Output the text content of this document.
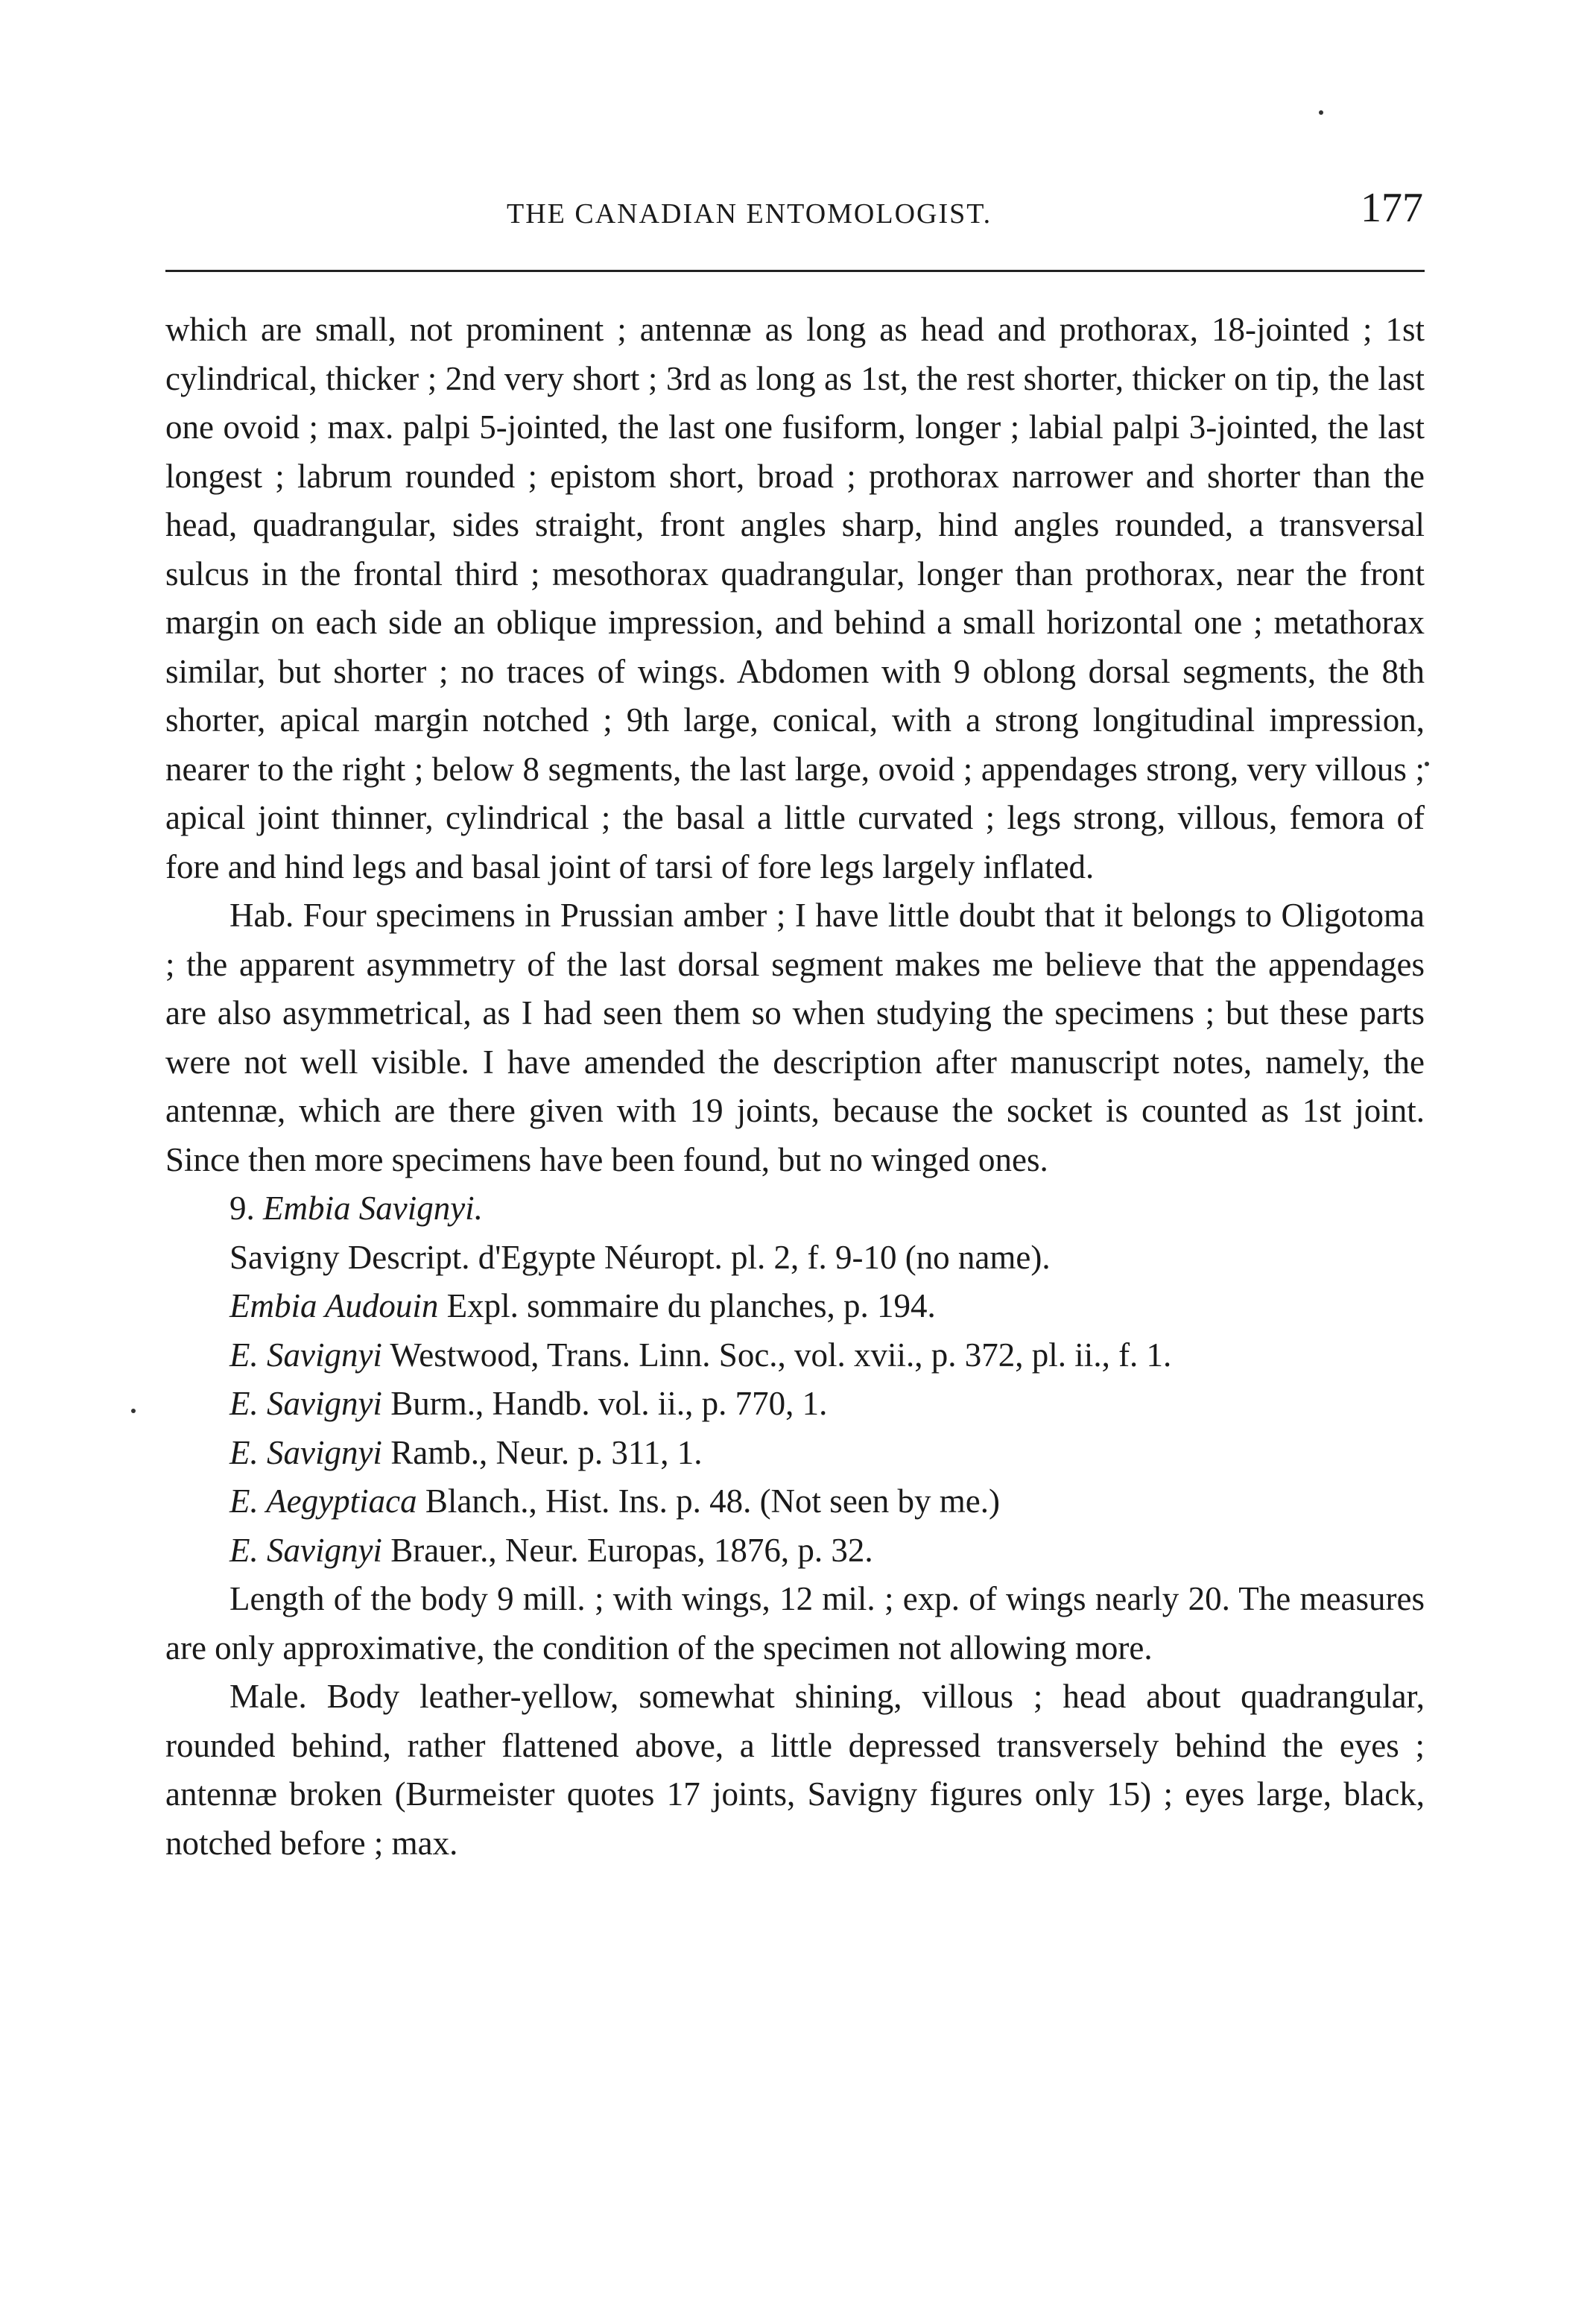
THE CANADIAN ENTOMOLOGIST.	177

which are small, not prominent ; antennæ as long as head and prothorax, 18-jointed ; 1st cylindrical, thicker ; 2nd very short ; 3rd as long as 1st, the rest shorter, thicker on tip, the last one ovoid ; max. palpi 5-jointed, the last one fusiform, longer ; labial palpi 3-jointed, the last longest ; labrum rounded ; epistom short, broad ; prothorax narrower and shorter than the head, quadrangular, sides straight, front angles sharp, hind angles rounded, a transversal sulcus in the frontal third ; mesothorax quadrangular, longer than prothorax, near the front margin on each side an oblique impression, and behind a small horizontal one ; metathorax similar, but shorter ; no traces of wings. Abdomen with 9 oblong dorsal segments, the 8th shorter, apical margin notched ; 9th large, conical, with a strong longitudinal impression, nearer to the right ; below 8 segments, the last large, ovoid ; appendages strong, very villous ; apical joint thinner, cylindrical ; the basal a little curvated ; legs strong, villous, femora of fore and hind legs and basal joint of tarsi of fore legs largely inflated.

Hab. Four specimens in Prussian amber ; I have little doubt that it belongs to Oligotoma ; the apparent asymmetry of the last dorsal segment makes me believe that the appendages are also asymmetrical, as I had seen them so when studying the specimens ; but these parts were not well visible. I have amended the description after manuscript notes, namely, the antennæ, which are there given with 19 joints, because the socket is counted as 1st joint. Since then more specimens have been found, but no winged ones.

9. Embia Savignyi.

Savigny Descript. d'Egypte Néuropt. pl. 2, f. 9-10 (no name).

Embia Audouin Expl. sommaire du planches, p. 194.

E. Savignyi Westwood, Trans. Linn. Soc., vol. xvii., p. 372, pl. ii., f. 1.

E. Savignyi Burm., Handb. vol. ii., p. 770, 1.

E. Savignyi Ramb., Neur. p. 311, 1.

E. Aegyptiaca Blanch., Hist. Ins. p. 48. (Not seen by me.)

E. Savignyi Brauer., Neur. Europas, 1876, p. 32.

Length of the body 9 mill. ; with wings, 12 mil. ; exp. of wings nearly 20. The measures are only approximative, the condition of the specimen not allowing more.

Male. Body leather-yellow, somewhat shining, villous ; head about quadrangular, rounded behind, rather flattened above, a little depressed transversely behind the eyes ; antennæ broken (Burmeister quotes 17 joints, Savigny figures only 15) ; eyes large, black, notched before ; max.
